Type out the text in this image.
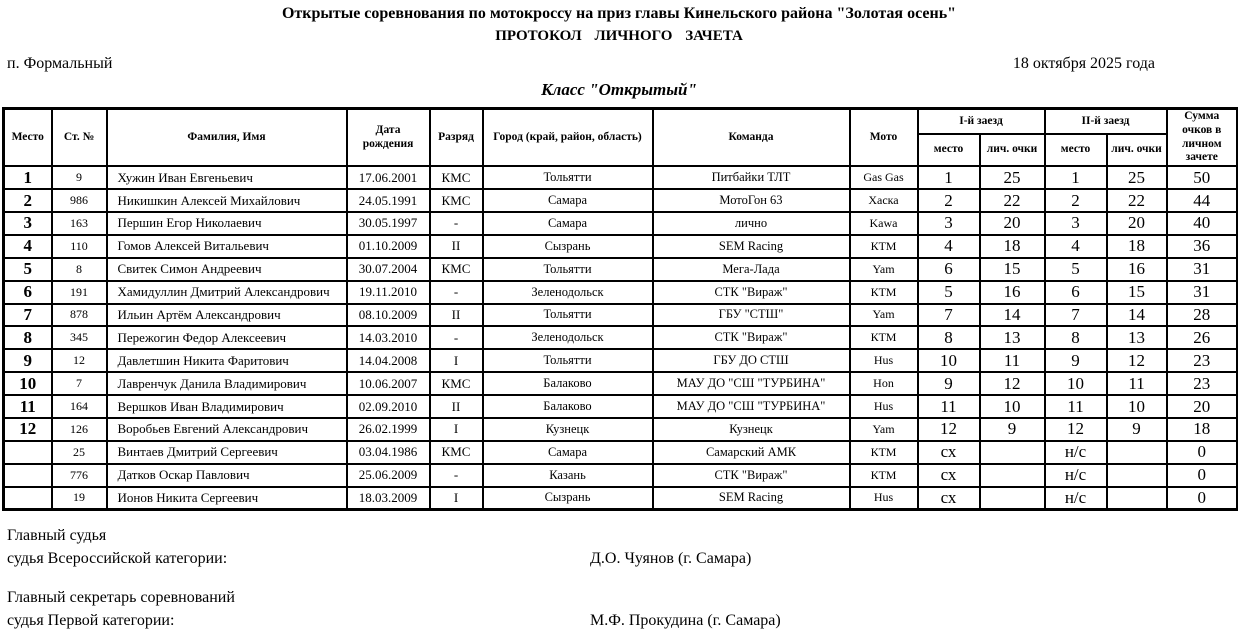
Открытые соревнования по мотокроссу на приз главы Кинельского района "Золотая осень"
ПРОТОКОЛ ЛИЧНОГО ЗАЧЕТА
п. Формальный	18 октября 2025 года
Класс "Открытый"
Место	Ст. №	Фамилия, Имя	Дата рождения	Разряд	Город (край, район, область)	Команда	Мото	I-й заезд		II-й заезд		Сумма очков в личном зачете
								место	лич. очки	место	лич. очки	
1	9	Хужин Иван Евгеньевич	17.06.2001	КМС	Тольятти	Питбайки ТЛТ	Gas Gas	1	25	1	25	50
2	986	Никишкин Алексей Михайлович	24.05.1991	КМС	Самара	МотоГон 63	Хаска	2	22	2	22	44
3	163	Першин Егор Николаевич	30.05.1997	-	Самара	лично	Kawa	3	20	3	20	40
4	110	Гомов Алексей Витальевич	01.10.2009	II	Сызрань	SEM Racing	КТМ	4	18	4	18	36
5	8	Свитек Симон Андреевич	30.07.2004	КМС	Тольятти	Мега-Лада	Yam	6	15	5	16	31
6	191	Хамидуллин Дмитрий Александрович	19.11.2010	-	Зеленодольск	СТК "Вираж"	КТМ	5	16	6	15	31
7	878	Ильин Артём Александрович	08.10.2009	II	Тольятти	ГБУ "СТШ"	Yam	7	14	7	14	28
8	345	Пережогин Федор Алексеевич	14.03.2010	-	Зеленодольск	СТК "Вираж"	КТМ	8	13	8	13	26
9	12	Давлетшин Никита Фаритович	14.04.2008	I	Тольятти	ГБУ ДО СТШ	Hus	10	11	9	12	23
10	7	Лавренчук Данила Владимирович	10.06.2007	КМС	Балаково	МАУ ДО "СШ "ТУРБИНА"	Hon	9	12	10	11	23
11	164	Вершков Иван Владимирович	02.09.2010	II	Балаково	МАУ ДО "СШ "ТУРБИНА"	Hus	11	10	11	10	20
12	126	Воробьев Евгений Александрович	26.02.1999	I	Кузнецк	Кузнецк	Yam	12	9	12	9	18
	25	Винтаев Дмитрий Сергеевич	03.04.1986	КМС	Самара	Самарский АМК	КТМ	сх		н/с		0
	776	Датков Оскар Павлович	25.06.2009	-	Казань	СТК "Вираж"	КТМ	сх		н/с		0
	19	Ионов Никита Сергеевич	18.03.2009	I	Сызрань	SEM Racing	Hus	сх		н/с		0
Главный судья
судья Всероссийской категории:	Д.О. Чуянов (г. Самара)
Главный секретарь соревнований
судья Первой категории:	М.Ф. Прокудина (г. Самара)
